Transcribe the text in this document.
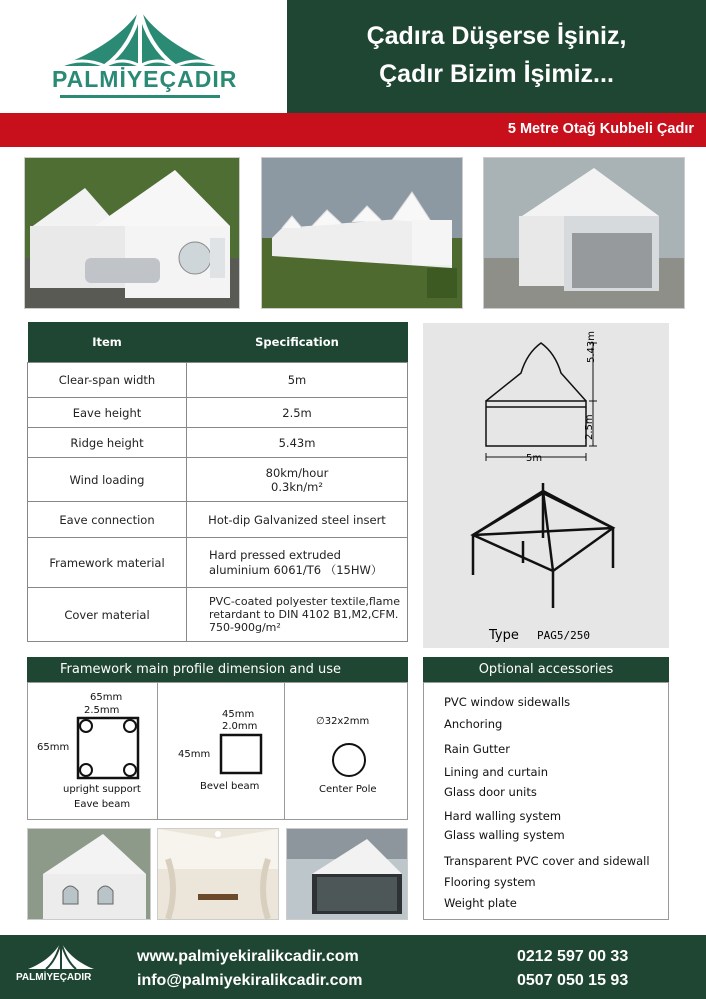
PALMİYEÇADIR
Çadıra Düşerse İşiniz,
Çadır Bizim İşimiz...
5 Metre Otağ Kubbeli Çadır
Item	Specification
Clear-span width	5m
Eave height	2.5m
Ridge height	5.43m
Wind loading	80km/hour
0.3kn/m²

Eave connection	Hot-dip Galvanized steel insert
Framework material	Hard pressed extruded
aluminium 6061/T6 （15HW）

Cover material	PVC-coated polyester textile,flame
retardant to DIN 4102 B1,M2,CFM.
750-900g/m²
5.43m
2.5m
5m
Type PAG5/250
Framework main profile dimension and use
65mm
2.5mm
65mm
upright support
Eave beam
45mm
2.0mm
45mm
Bevel beam
∅32x2mm
Center Pole
Optional accessories
PVC window sidewalls
Anchoring
Rain Gutter
Lining and curtain
Glass door units
Hard walling system
Glass walling system
Transparent PVC cover and sidewall
Flooring system
Weight plate
PALMİYEÇADIR
www.palmiyekiralikcadir.com
info@palmiyekiralikcadir.com
0212 597 00 33
0507 050 15 93
